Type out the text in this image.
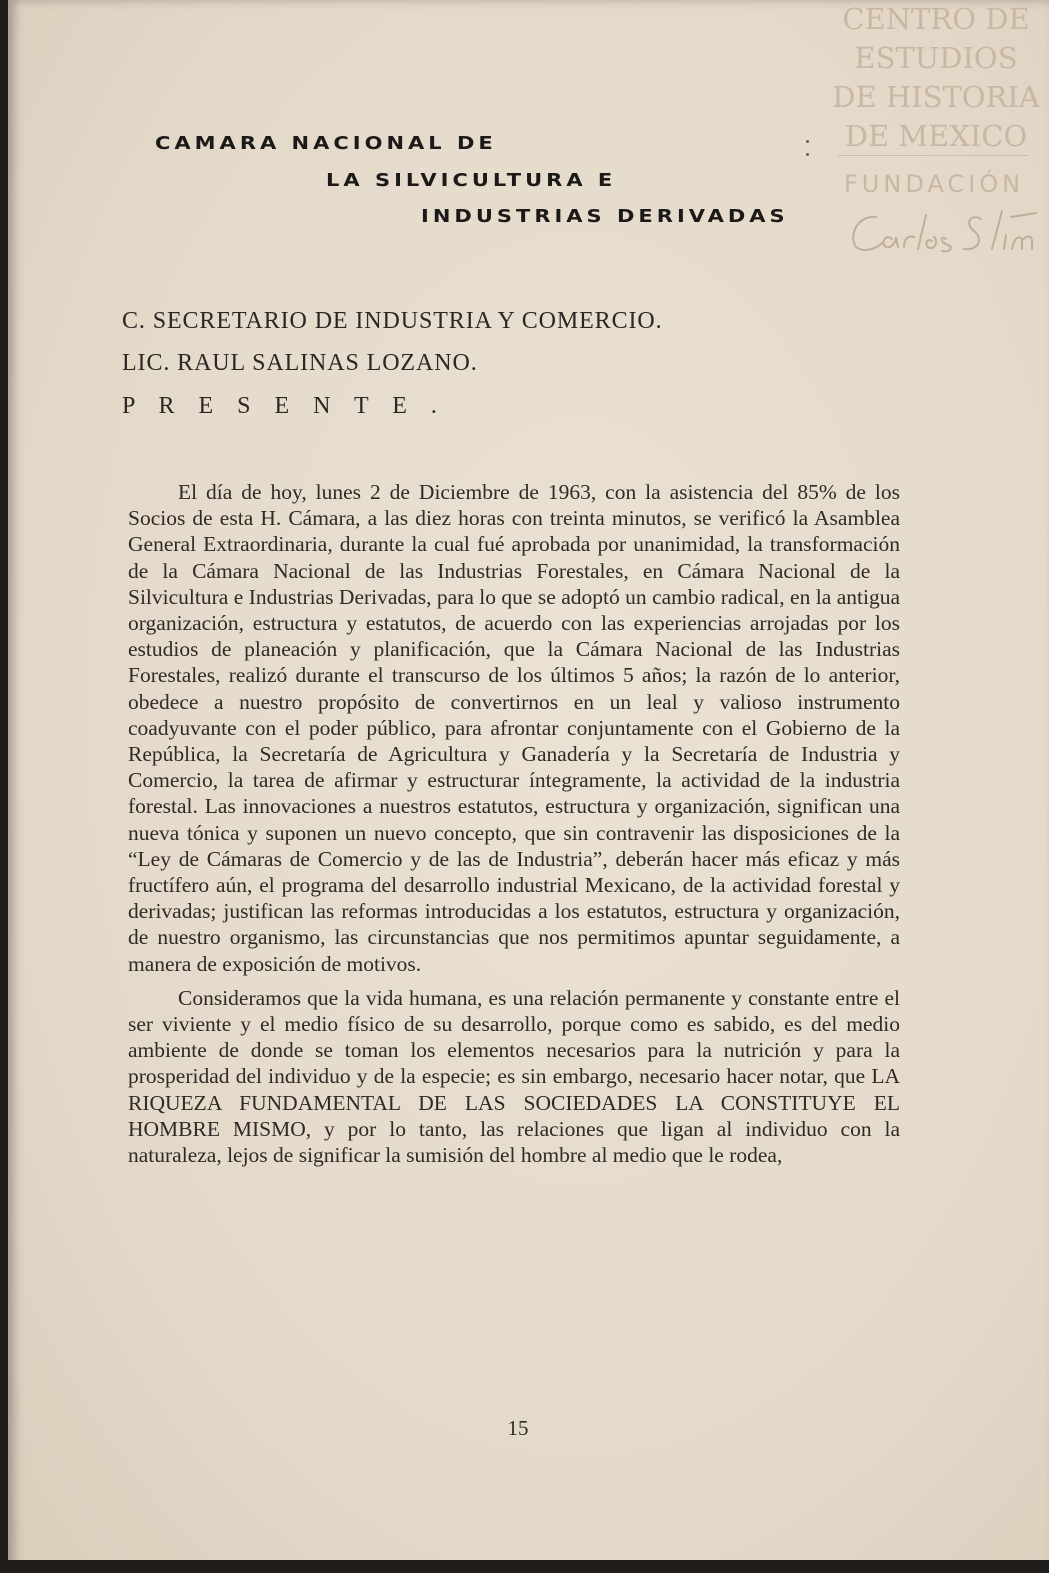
CAMARA NACIONAL DE
LA SILVICULTURA E
INDUSTRIAS DERIVADAS
CENTRO DE
ESTUDIOS
DE HISTORIA
DE MEXICO
FUNDACIÓN
C. SECRETARIO DE INDUSTRIA Y COMERCIO.
LIC. RAUL SALINAS LOZANO.
P R E S E N T E .

El día de hoy, lunes 2 de Diciembre de 1963, con la asistencia del 85% de los Socios de esta H. Cámara, a las diez horas con treinta minutos, se verificó la Asamblea General Extraordinaria, durante la cual fué aprobada por unanimidad, la transformación de la Cámara Nacional de las Industrias Forestales, en Cámara Nacional de la Silvicultura e Industrias Derivadas, para lo que se adoptó un cambio radical, en la antigua organización, estructura y estatutos, de acuerdo con las experiencias arrojadas por los estudios de planeación y planificación, que la Cámara Nacional de las Industrias Forestales, realizó durante el transcurso de los últimos 5 años; la razón de lo anterior, obedece a nuestro propósito de convertirnos en un leal y valioso instrumento coadyuvante con el poder público, para afrontar conjuntamente con el Gobierno de la República, la Secretaría de Agricultura y Ganadería y la Secretaría de Industria y Comercio, la tarea de afirmar y estructurar íntegramente, la actividad de la industria forestal. Las innovaciones a nuestros estatutos, estructura y organización, significan una nueva tónica y suponen un nuevo concepto, que sin contravenir las disposiciones de la “Ley de Cámaras de Comercio y de las de Industria”, deberán hacer más eficaz y más fructífero aún, el programa del desarrollo industrial Mexicano, de la actividad forestal y derivadas; justifican las reformas introducidas a los estatutos, estructura y organización, de nuestro organismo, las circunstancias que nos permitimos apuntar seguidamente, a manera de exposición de motivos.

Consideramos que la vida humana, es una relación permanente y constante entre el ser viviente y el medio físico de su desarrollo, porque como es sabido, es del medio ambiente de donde se toman los elementos necesarios para la nutrición y para la prosperidad del individuo y de la especie; es sin embargo, necesario hacer notar, que LA RIQUEZA FUNDAMENTAL DE LAS SOCIEDADES LA CONSTITUYE EL HOMBRE MISMO, y por lo tanto, las relaciones que ligan al individuo con la naturaleza, lejos de significar la sumisión del hombre al medio que le rodea,

15
